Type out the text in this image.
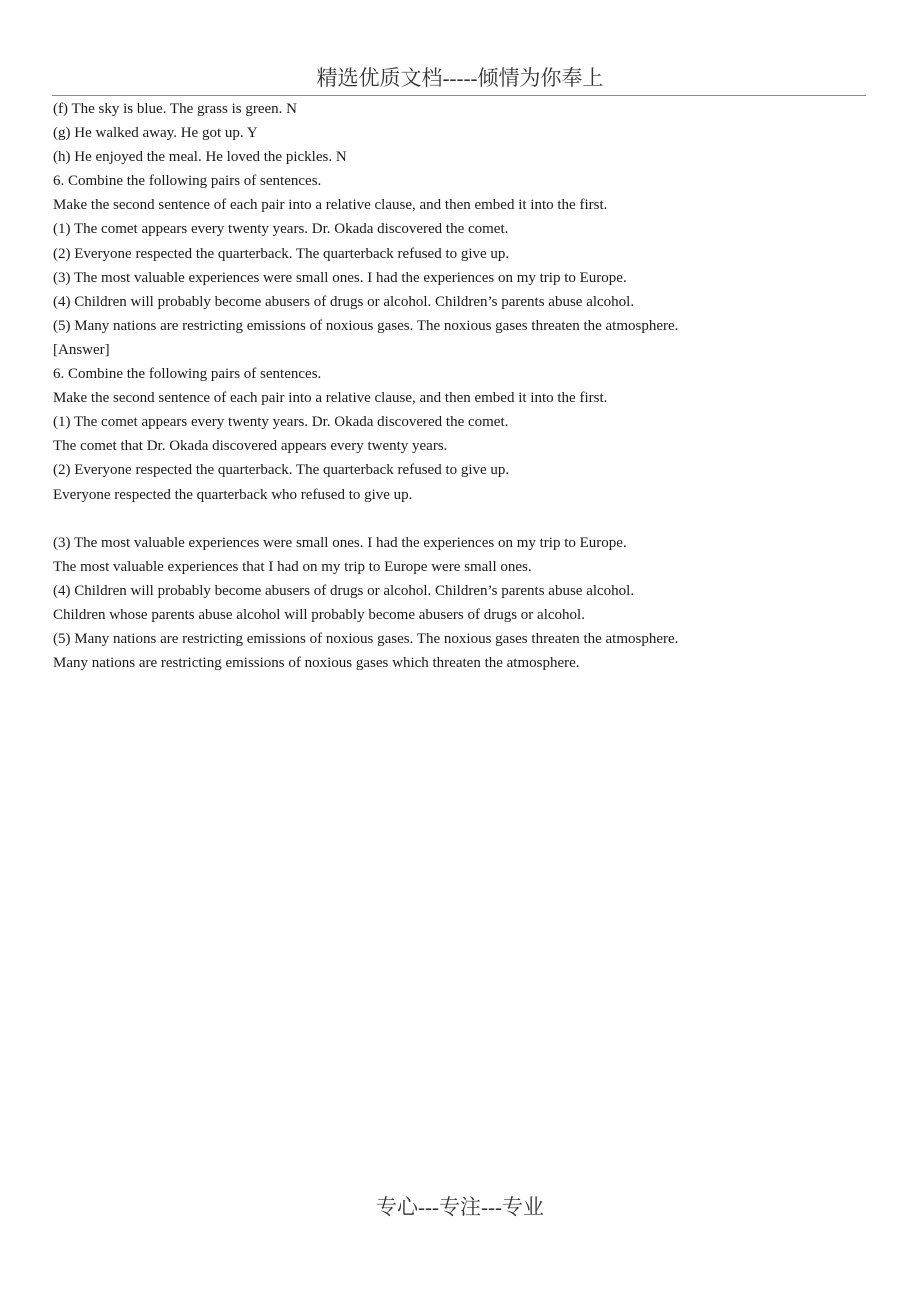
精选优质文档-----倾情为你奉上
(f) The sky is blue. The grass is green. N
(g) He walked away. He got up. Y
(h) He enjoyed the meal. He loved the pickles. N
6. Combine the following pairs of sentences.
Make the second sentence of each pair into a relative clause, and then embed it into the first.
(1) The comet appears every twenty years. Dr. Okada discovered the comet.
(2) Everyone respected the quarterback. The quarterback refused to give up.
(3) The most valuable experiences were small ones. I had the experiences on my trip to Europe.
(4) Children will probably become abusers of drugs or alcohol. Children’s parents abuse alcohol.
(5) Many nations are restricting emissions of noxious gases. The noxious gases threaten the atmosphere.
[Answer]
6. Combine the following pairs of sentences.
Make the second sentence of each pair into a relative clause, and then embed it into the first.
(1) The comet appears every twenty years. Dr. Okada discovered the comet.
The comet that Dr. Okada discovered appears every twenty years.
(2) Everyone respected the quarterback. The quarterback refused to give up.
Everyone respected the quarterback who refused to give up.
(3) The most valuable experiences were small ones. I had the experiences on my trip to Europe.
The most valuable experiences that I had on my trip to Europe were small ones.
(4) Children will probably become abusers of drugs or alcohol. Children’s parents abuse alcohol.
Children whose parents abuse alcohol will probably become abusers of drugs or alcohol.
(5) Many nations are restricting emissions of noxious gases. The noxious gases threaten the atmosphere.
Many nations are restricting emissions of noxious gases which threaten the atmosphere.
专心---专注---专业
